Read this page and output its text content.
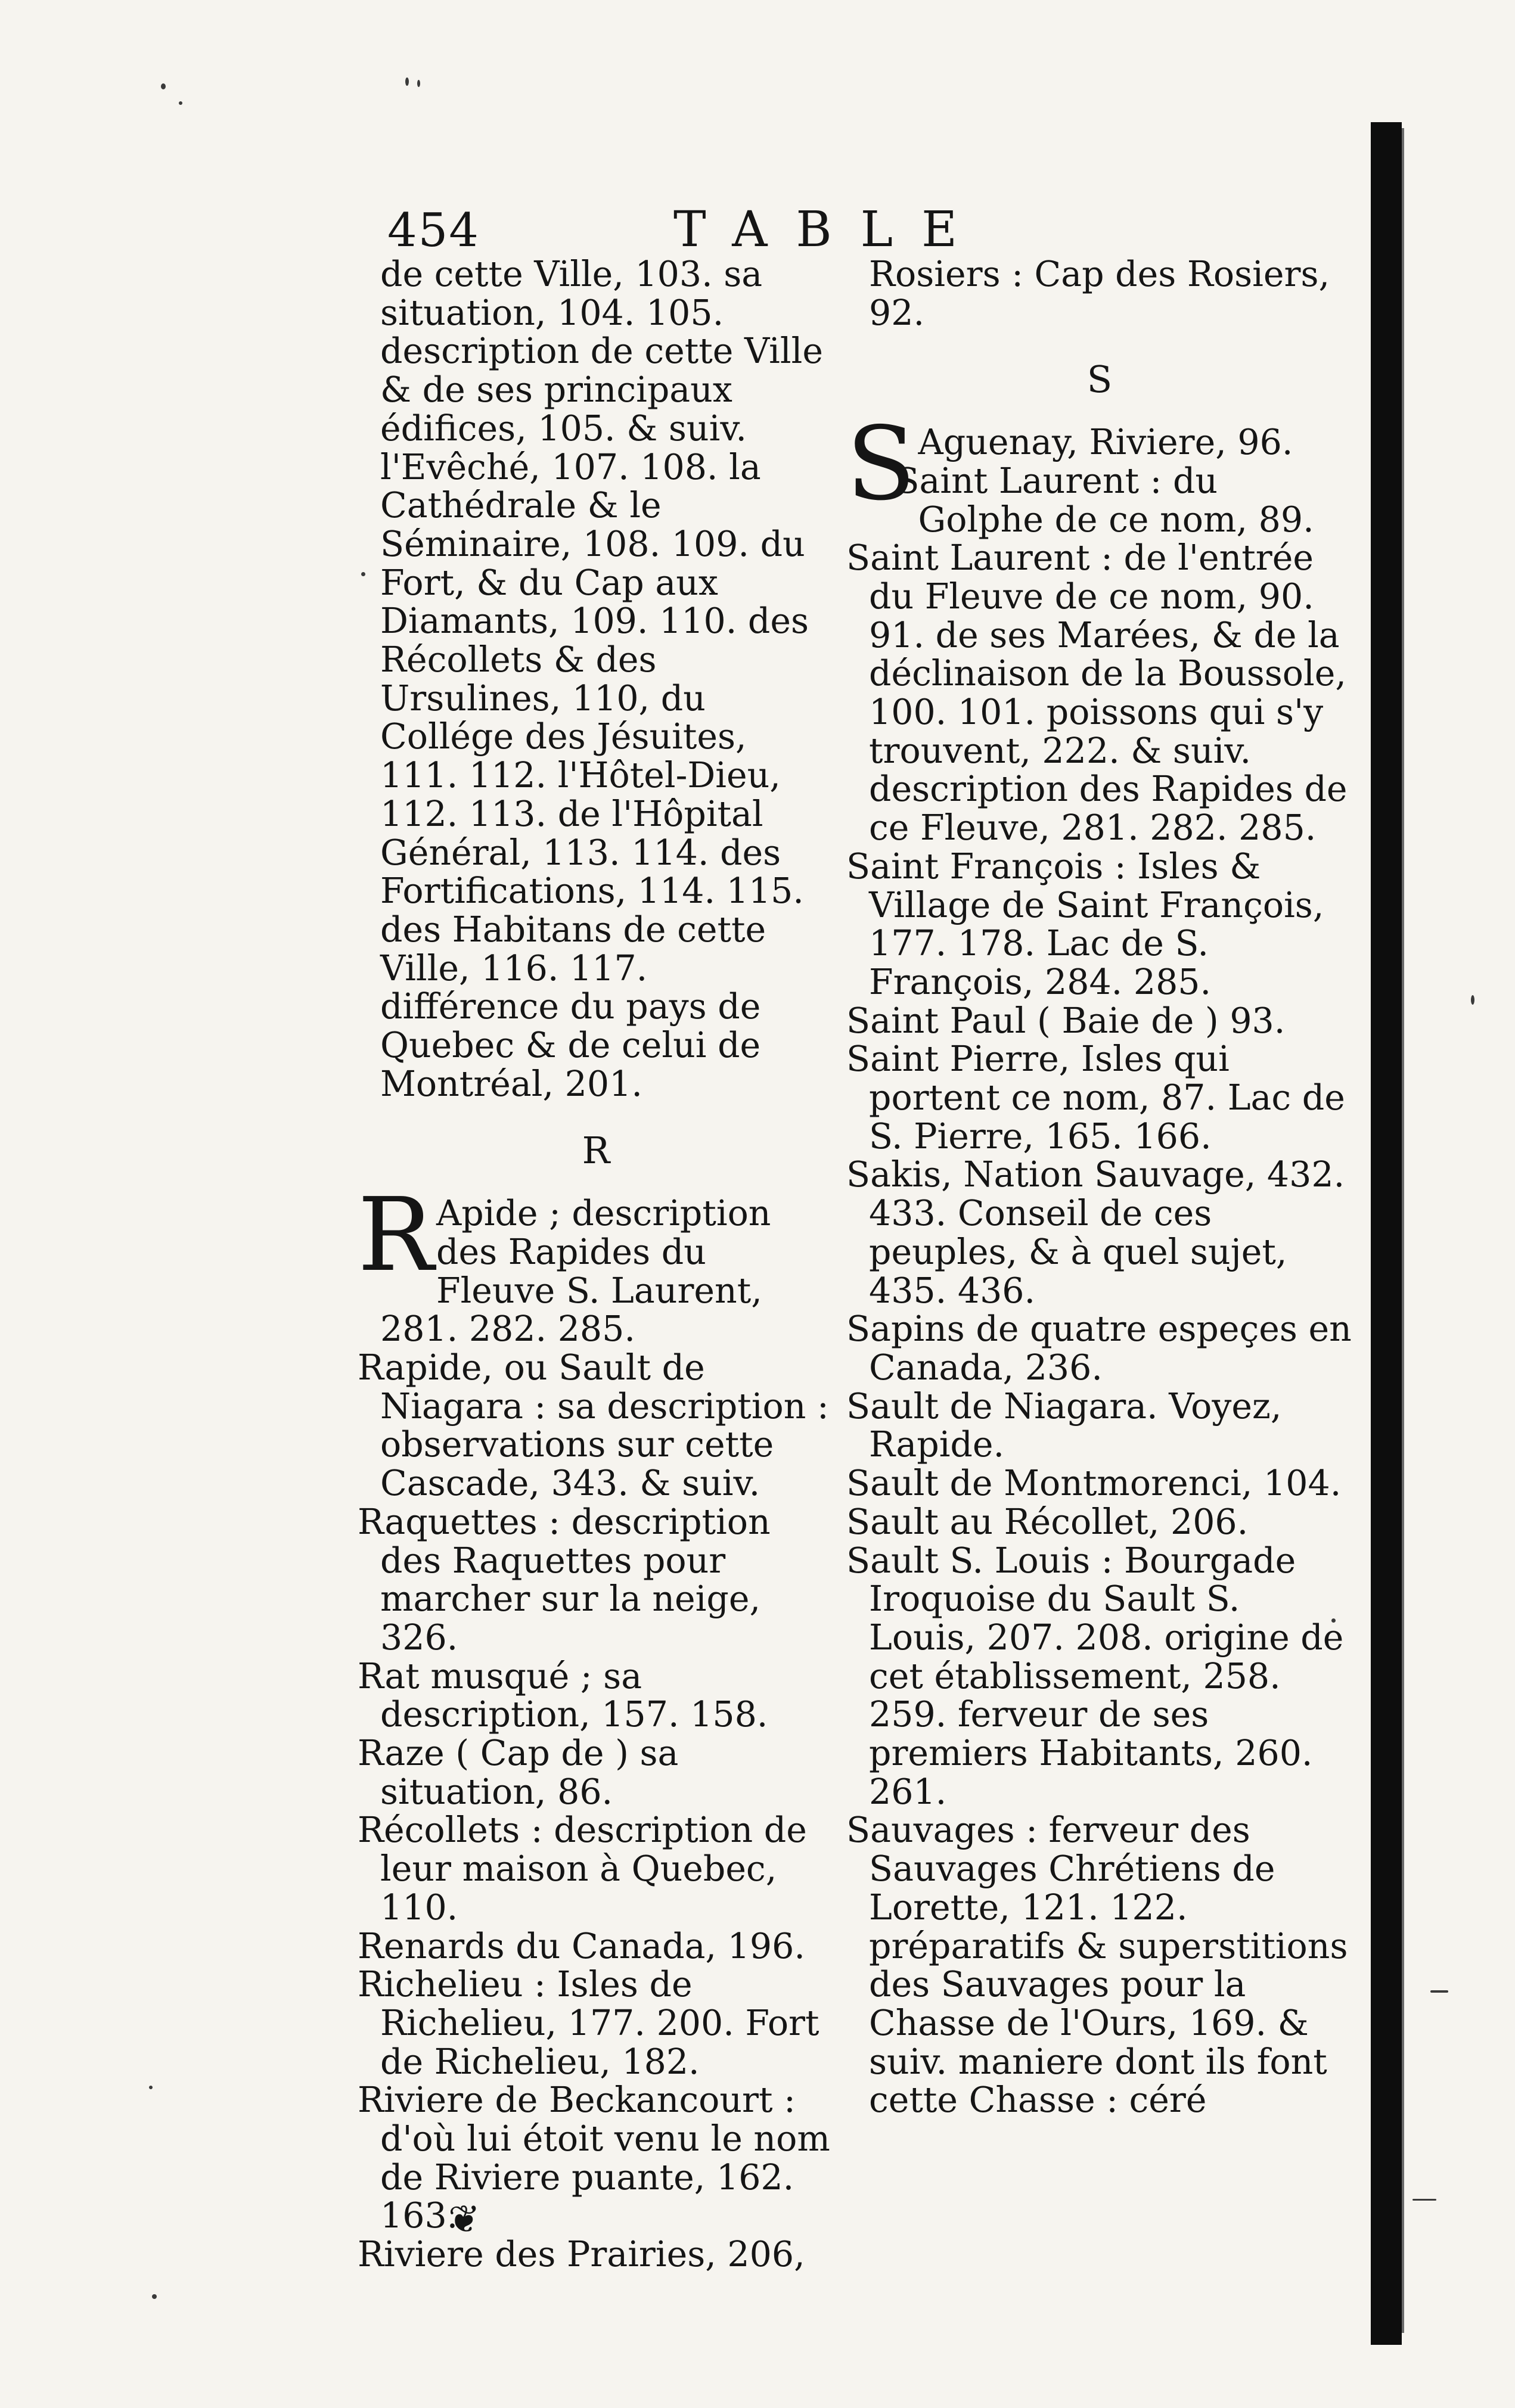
454	TABLE

de cette Ville, 103. sa situation, 104. 105. description de cette Ville & de ses principaux édifices, 105. & suiv. l'Evêché, 107. 108. la Cathédrale & le Séminaire, 108. 109. du Fort, & du Cap aux Diamants, 109. 110. des Récollets & des Ursulines, 110, du Collége des Jésuites, 111. 112. l'Hôtel-Dieu, 112. 113. de l'Hôpital Général, 113. 114. des Fortifications, 114. 115. des Habitans de cette Ville, 116. 117. différence du pays de Quebec & de celui de Montréal, 201.

R

R Apide ; description des Rapides du Fleuve S. Laurent, 281. 282. 285.

Rapide, ou Sault de Niagara : sa description : observations sur cette Cascade, 343. & suiv.

Raquettes : description des Raquettes pour marcher sur la neige, 326.

Rat musqué ; sa description, 157. 158.

Raze ( Cap de ) sa situation, 86.

Récollets : description de leur maison à Quebec, 110.

Renards du Canada, 196.

Richelieu : Isles de Richelieu, 177. 200. Fort de Richelieu, 182.

Riviere de Beckancourt : d'où lui étoit venu le nom de Riviere puante, 162. 163.

Riviere des Prairies, 206,

Rosiers : Cap des Rosiers, 92.

S

S Aguenay, Riviere, 96.

Saint Laurent : du Golphe de ce nom, 89.

Saint Laurent : de l'entrée du Fleuve de ce nom, 90. 91. de ses Marées, & de la déclinaison de la Boussole, 100. 101. poissons qui s'y trouvent, 222. & suiv. description des Rapides de ce Fleuve, 281. 282. 285.

Saint François : Isles & Village de Saint François, 177. 178. Lac de S. François, 284. 285.

Saint Paul ( Baie de ) 93.

Saint Pierre, Isles qui portent ce nom, 87. Lac de S. Pierre, 165. 166.

Sakis, Nation Sauvage, 432. 433. Conseil de ces peuples, & à quel sujet, 435. 436.

Sapins de quatre espeçes en Canada, 236.

Sault de Niagara. Voyez, Rapide.

Sault de Montmorenci, 104.

Sault au Récollet, 206.

Sault S. Louis : Bourgade Iroquoise du Sault S. Louis, 207. 208. origine de cet établissement, 258. 259. ferveur de ses premiers Habitants, 260. 261.

Sauvages : ferveur des Sauvages Chrétiens de Lorette, 121. 122. préparatifs & superstitions des Sauvages pour la Chasse de l'Ours, 169. & suiv. maniere dont ils font cette Chasse : céré

❦
